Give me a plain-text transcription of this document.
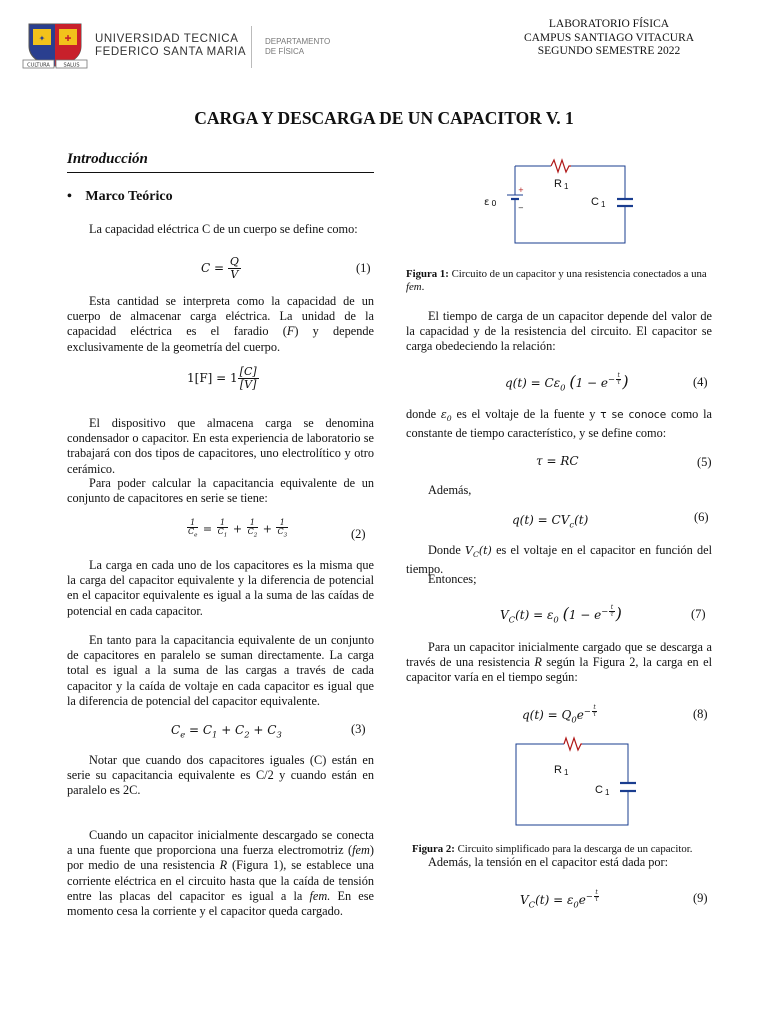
✦ ✚
CULTURA	SALUS
UNIVERSIDAD TECNICA
FEDERICO SANTA MARIA
DEPARTAMENTO
DE FÍSICA
LABORATORIO FÍSICA
CAMPUS SANTIAGO VITACURA
SEGUNDO SEMESTRE 2022
CARGA Y DESCARGA DE UN CAPACITOR V. 1
Introducción
• Marco Teórico
La capacidad eléctrica C de un cuerpo se define como:
$C = \frac{Q}{V}$	(1)
Esta cantidad se interpreta como la capacidad de un cuerpo de almacenar carga eléctrica. La unidad de la capacidad eléctrica es el faradio (F) y depende exclusivamente de la geometría del cuerpo.
$1[F] = 1 \frac{[C]}{[V]}$
El dispositivo que almacena carga se denomina condensador o capacitor. En esta experiencia de laboratorio se trabajará con dos tipos de capacitores, uno electrolítico y otro cerámico.
Para poder calcular la capacitancia equivalente de un conjunto de capacitores en serie se tiene:
$\frac{1}{C_e} = \frac{1}{C_1} + \frac{1}{C_2} + \frac{1}{C_3}$	(2)
La carga en cada uno de los capacitores es la misma que la carga del capacitor equivalente y la diferencia de potencial en el capacitor equivalente es igual a la suma de las caídas de potencial en cada capacitor.
En tanto para la capacitancia equivalente de un conjunto de capacitores en paralelo se suman directamente. La carga total es igual a la suma de las cargas a través de cada capacitor y la caída de voltaje en cada capacitor es igual que la diferencia de potencial del capacitor equivalente.
$C_e = C_1 + C_2 + C_3$	(3)
Notar que cuando dos capacitores iguales (C) están en serie su capacitancia equivalente es C/2 y cuando están en paralelo es 2C.
Cuando un capacitor inicialmente descargado se conecta a una fuente que proporciona una fuerza electromotriz (fem) por medio de una resistencia R (Figura 1), se establece una corriente eléctrica en el circuito hasta que la caída de tensión entre las placas del capacitor es igual a la fem. En ese momento cesa la corriente y el capacitor queda cargado.
+
−
R 1
C 1
ε 0
Figura 1: Circuito de un capacitor y una resistencia conectados a una fem.
El tiempo de carga de un capacitor depende del valor de la capacidad y de la resistencia del circuito. El capacitor se carga obedeciendo la relación:
$q(t) = C\varepsilon_0$ ($1 - e^{- \frac{t}{\tau}}$ )	(4)
donde $\varepsilon_0$ es el voltaje de la fuente y τ se conoce como la constante de tiempo característico, y se define como:
τ = RC	(5)
Además,
$q(t) = CV_c(t)$	(6)
Donde $V_C(t)$ es el voltaje en el capacitor en función del tiempo.
Entonces;
$V_C(t) = \varepsilon_0$ ($1 - e^{- \frac{t}{\tau}}$ )	(7)
Para un capacitor inicialmente cargado que se descarga a través de una resistencia R según la Figura 2, la carga en el capacitor varía en el tiempo según:
$q(t) = Q_0e^{- \frac{t}{\tau}}$	(8)
R 1
C 1
Figura 2: Circuito simplificado para la descarga de un capacitor.
Además, la tensión en el capacitor está dada por:
$V_C(t) = \varepsilon_0e^{- \frac{t}{\tau}}$	(9)
